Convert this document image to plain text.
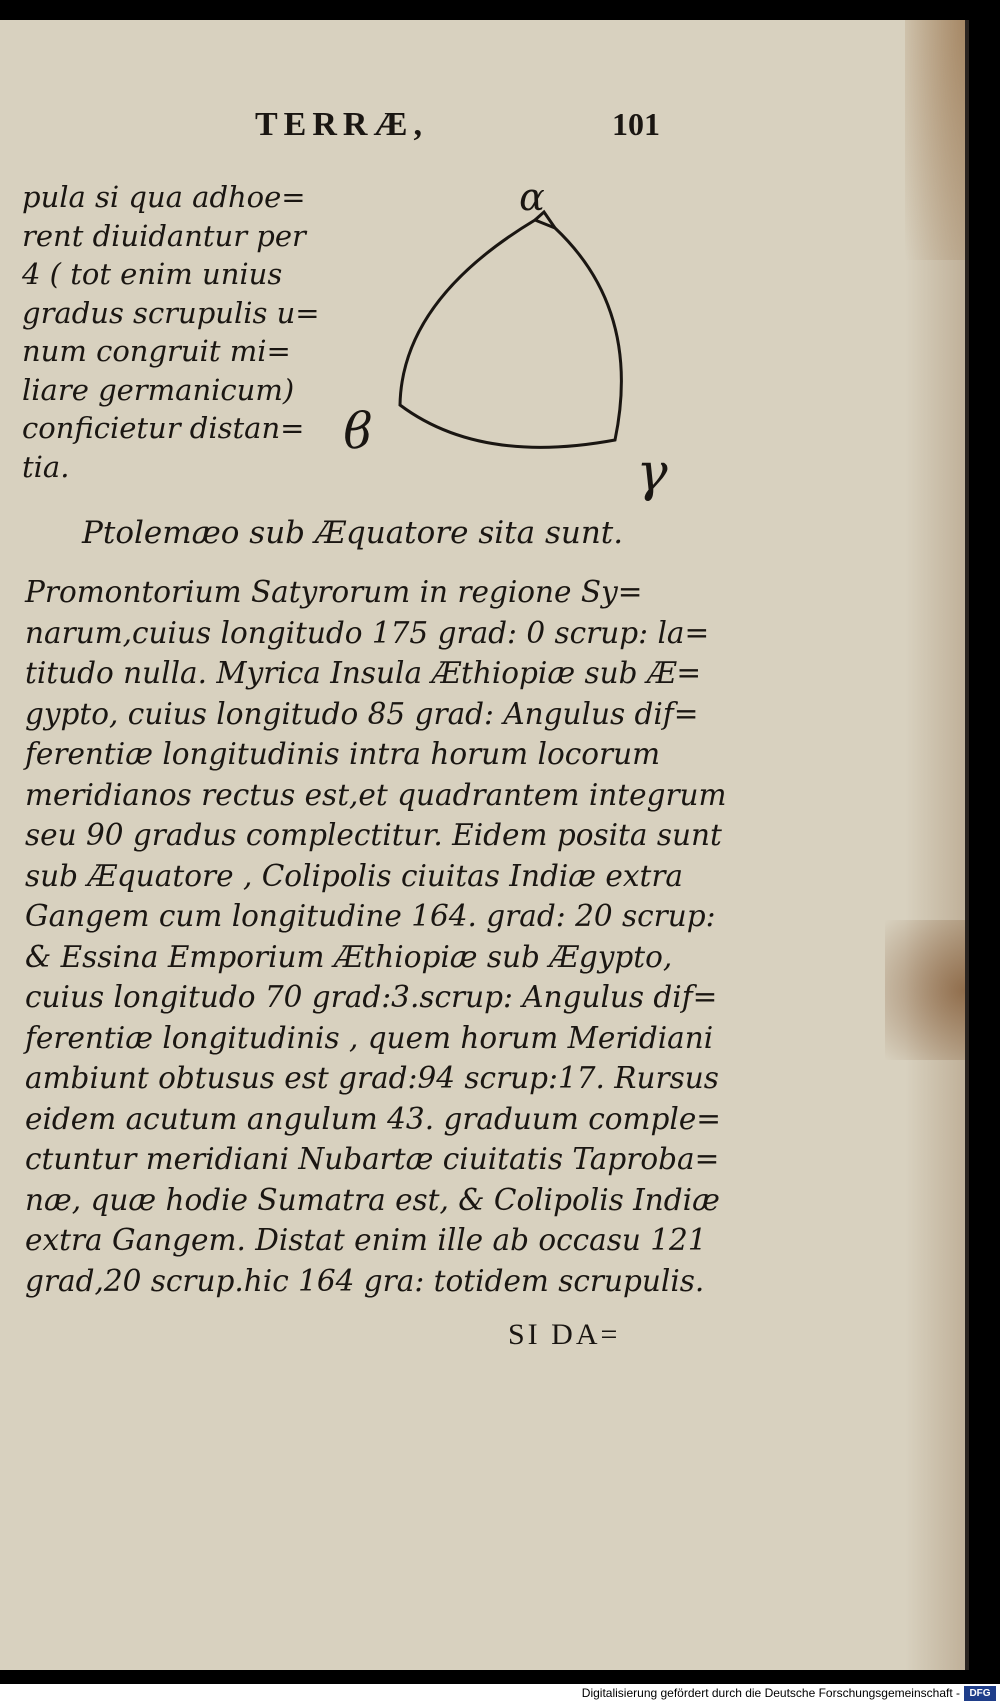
TERRÆ,	101
pula si qua adhoe=
rent diuidantur per
4 ( tot enim unius
gradus scrupulis u=
num congruit mi=
liare germanicum)
conficietur distan=
tia.
α
ϐ
γ
Ptolemæo sub Æquatore sita sunt.
Promontorium Satyrorum in regione Sy=
narum,cuius longitudo 175 grad: 0 scrup: la=
titudo nulla. Myrica Insula Æthiopiæ sub Æ=
gypto, cuius longitudo 85 grad: Angulus dif=
ferentiæ longitudinis intra horum locorum
meridianos rectus est,et quadrantem integrum
seu 90 gradus complectitur. Eidem posita sunt
sub Æquatore , Colipolis ciuitas Indiæ extra
Gangem cum longitudine 164. grad: 20 scrup:
& Essina Emporium Æthiopiæ sub Ægypto,
cuius longitudo 70 grad:3.scrup: Angulus dif=
ferentiæ longitudinis , quem horum Meridiani
ambiunt obtusus est grad:94 scrup:17. Rursus
eidem acutum angulum 43. graduum comple=
ctuntur meridiani Nubartæ ciuitatis Taproba=
næ, quæ hodie Sumatra est, & Colipolis Indiæ
extra Gangem. Distat enim ille ab occasu 121
grad,20 scrup.hic 164 gra: totidem scrupulis.
SI DA=
Digitalisierung gefördert durch die Deutsche Forschungsgemeinschaft - DFG
